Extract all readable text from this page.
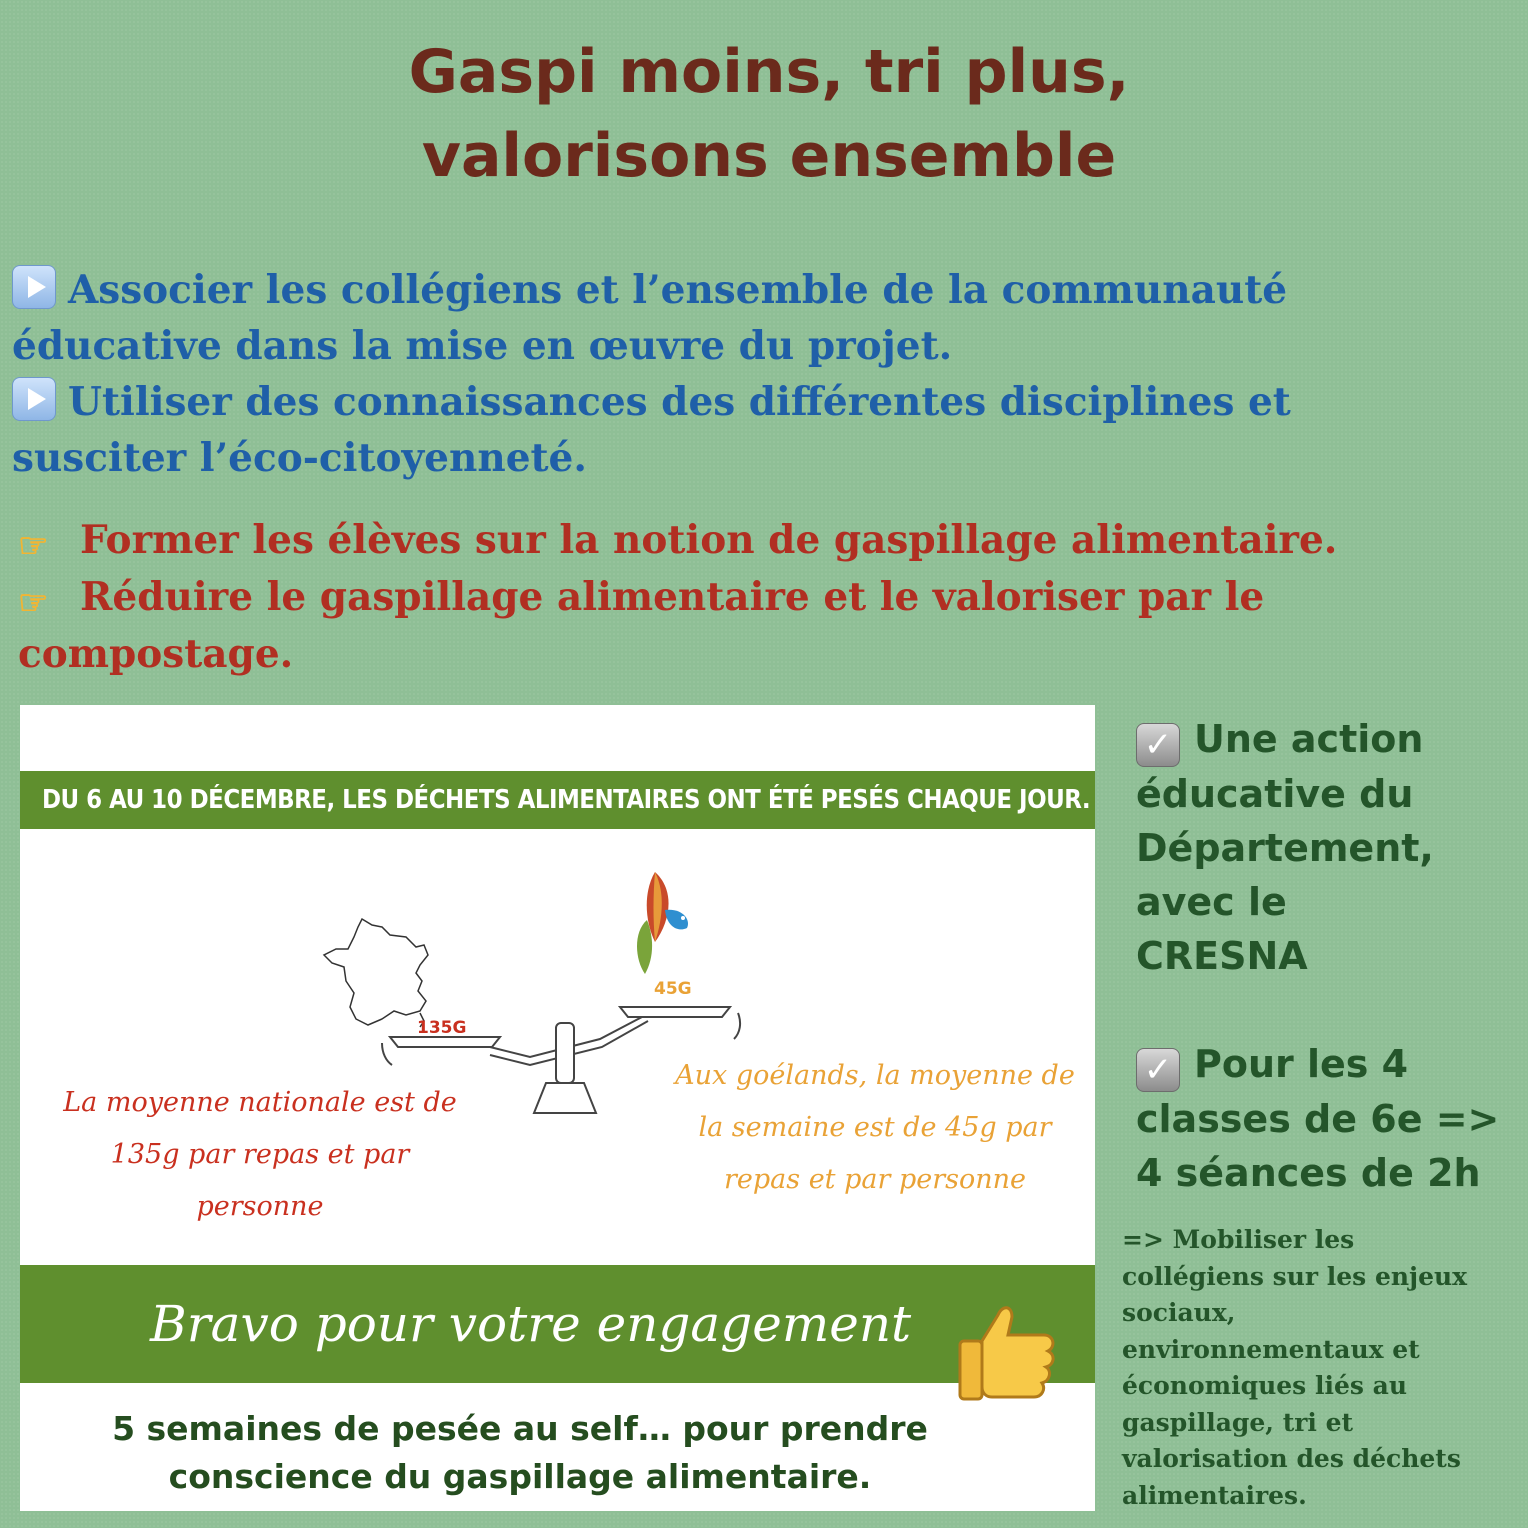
Gaspi moins, tri plus,
valorisons ensemble
Associer les collégiens et l’ensemble de la communauté
éducative dans la mise en œuvre du projet.
Utiliser des connaissances des différentes disciplines et
susciter l’éco-citoyenneté.
☞ Former les élèves sur la notion de gaspillage alimentaire.
☞ Réduire le gaspillage alimentaire et le valoriser par le
compostage.
DU 6 AU 10 DÉCEMBRE, LES DÉCHETS ALIMENTAIRES ONT ÉTÉ PESÉS CHAQUE JOUR.
135G
45G
La moyenne nationale est de
135g par repas et par
personne
Aux goélands, la moyenne de
la semaine est de 45g par
repas et par personne
Bravo pour votre engagement
5 semaines de pesée au self… pour prendre
conscience du gaspillage alimentaire.
✓ Une action
éducative du
Département,
avec le
CRESNA
✓ Pour les 4
classes de 6e =>
4 séances de 2h
=> Mobiliser les
collégiens sur les enjeux
sociaux,
environnementaux et
économiques liés au
gaspillage, tri et
valorisation des déchets
alimentaires.
